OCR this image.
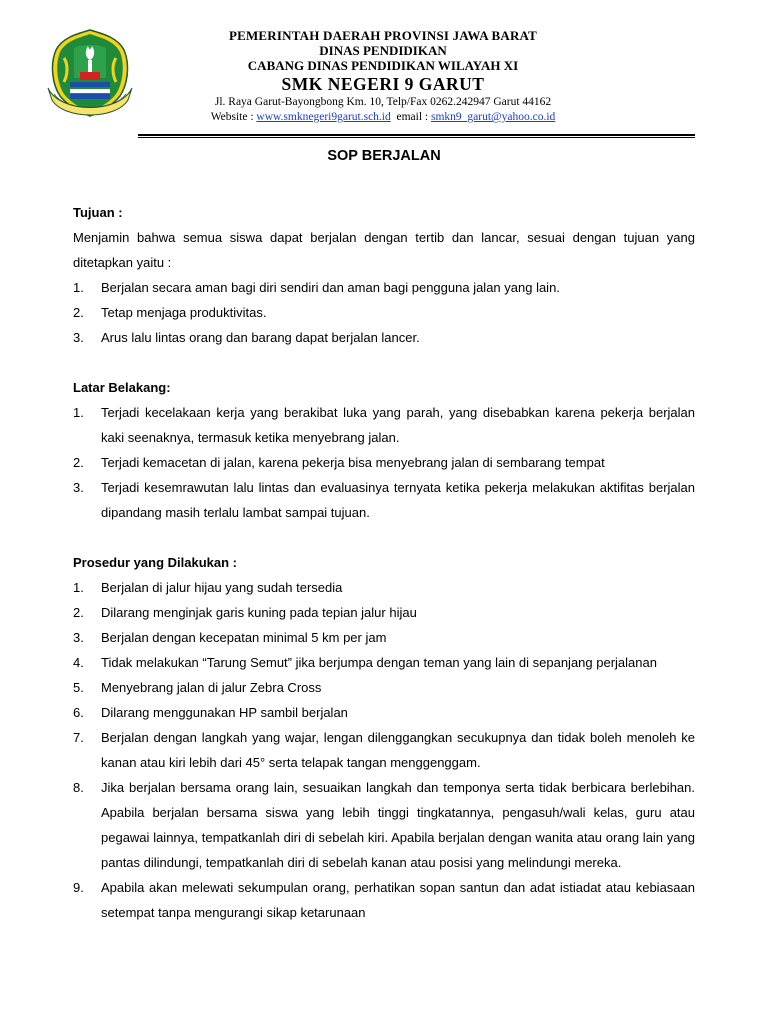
PEMERINTAH DAERAH PROVINSI JAWA BARAT
DINAS PENDIDIKAN
CABANG DINAS PENDIDIKAN WILAYAH XI
SMK NEGERI 9 GARUT
Jl. Raya Garut-Bayongbong Km. 10, Telp/Fax 0262.242947 Garut 44162
Website : www.smknegeri9garut.sch.id  email : smkn9_garut@yahoo.co.id
SOP BERJALAN
Tujuan :
Menjamin bahwa semua siswa dapat berjalan dengan tertib dan lancar, sesuai dengan tujuan yang ditetapkan yaitu :
1. Berjalan secara aman bagi diri sendiri dan aman bagi pengguna jalan yang lain.
2. Tetap menjaga produktivitas.
3. Arus lalu lintas orang dan barang dapat berjalan lancer.
Latar Belakang:
1. Terjadi kecelakaan kerja yang berakibat luka yang parah, yang disebabkan karena pekerja berjalan kaki seenaknya, termasuk ketika menyebrang jalan.
2. Terjadi kemacetan di jalan, karena pekerja bisa menyebrang jalan di sembarang tempat
3. Terjadi kesemrawutan lalu lintas dan evaluasinya ternyata ketika pekerja melakukan aktifitas berjalan dipandang masih terlalu lambat sampai tujuan.
Prosedur yang Dilakukan :
1. Berjalan di jalur hijau yang sudah tersedia
2. Dilarang menginjak garis kuning pada tepian jalur hijau
3. Berjalan dengan kecepatan minimal 5 km per jam
4. Tidak melakukan “Tarung Semut” jika berjumpa dengan teman yang lain di sepanjang perjalanan
5. Menyebrang jalan di jalur Zebra Cross
6. Dilarang menggunakan HP sambil berjalan
7. Berjalan dengan langkah yang wajar, lengan dilenggangkan secukupnya dan tidak boleh menoleh ke kanan atau kiri lebih dari 45° serta telapak tangan menggenggam.
8. Jika berjalan bersama orang lain, sesuaikan langkah dan temponya serta tidak berbicara berlebihan. Apabila berjalan bersama siswa yang lebih tinggi tingkatannya, pengasuh/wali kelas, guru atau pegawai lainnya, tempatkanlah diri di sebelah kiri. Apabila berjalan dengan wanita atau orang lain yang pantas dilindungi, tempatkanlah diri di sebelah kanan atau posisi yang melindungi mereka.
9. Apabila akan melewati sekumpulan orang, perhatikan sopan santun dan adat istiadat atau kebiasaan setempat tanpa mengurangi sikap ketarunaan
